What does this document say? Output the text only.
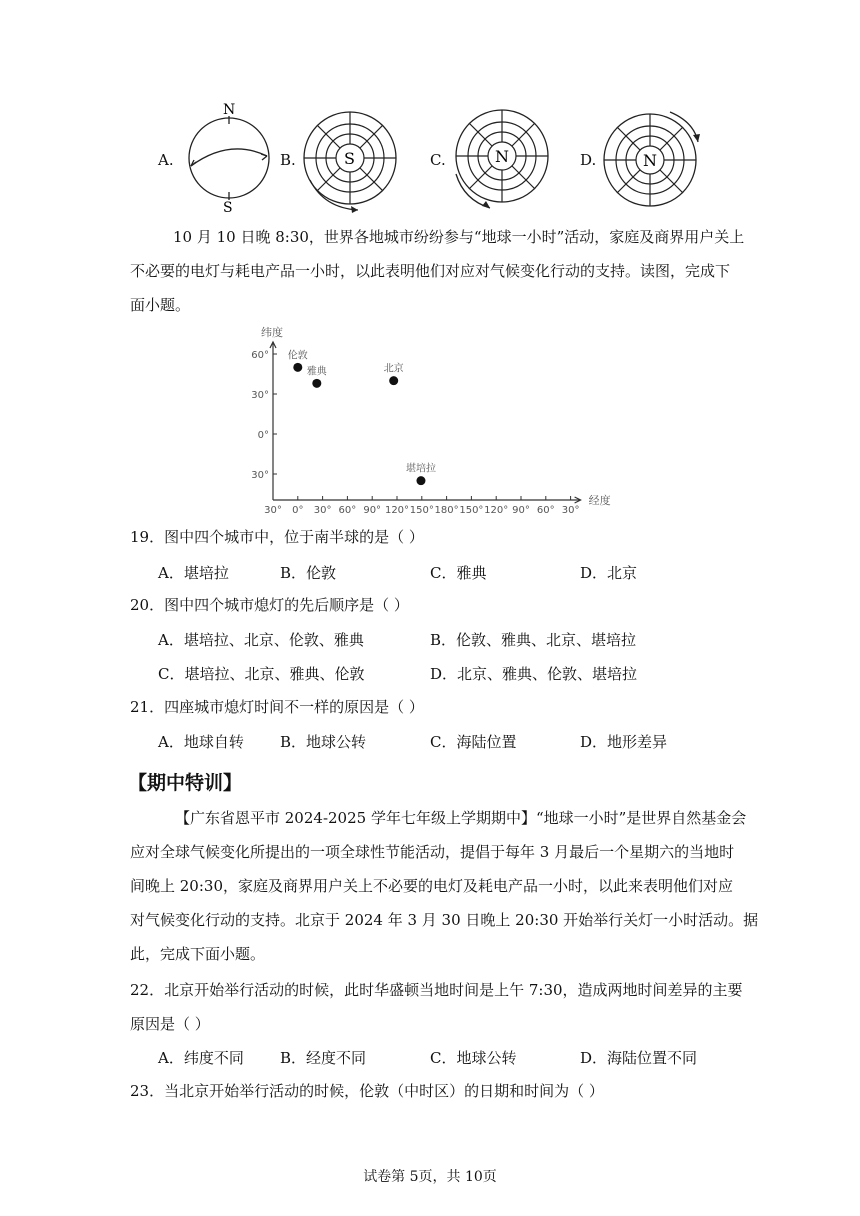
A.
N
S
B.	S	C.	N	D.	N
10 月 10 日晚 8:30，世界各地城市纷纷参与“地球一小时”活动，家庭及商界用户关上
不必要的电灯与耗电产品一小时，以此表明他们对应对气候变化行动的支持。读图，完成下
面小题。
纬度
经度
30° 0° 30° 60° 90° 120° 150° 180° 150° 120° 90° 60° 30°
60°
30°
0°
30°
伦敦
雅典	北京
堪培拉
19．图中四个城市中，位于南半球的是（ ）
A．堪培拉	B．伦敦	C．雅典	D．北京
20．图中四个城市熄灯的先后顺序是（ ）
A．堪培拉、北京、伦敦、雅典	B．伦敦、雅典、北京、堪培拉
C．堪培拉、北京、雅典、伦敦	D．北京、雅典、伦敦、堪培拉
21．四座城市熄灯时间不一样的原因是（ ）
A．地球自转 B．地球公转	C．海陆位置	D．地形差异
【期中特训】
【广东省恩平市 2024-2025 学年七年级上学期期中】“地球一小时”是世界自然基金会
应对全球气候变化所提出的一项全球性节能活动，提倡于每年 3 月最后一个星期六的当地时
间晚上 20:30，家庭及商界用户关上不必要的电灯及耗电产品一小时，以此来表明他们对应
对气候变化行动的支持。北京于 2024 年 3 月 30 日晚上 20:30 开始举行关灯一小时活动。据
此，完成下面小题。
22．北京开始举行活动的时候，此时华盛顿当地时间是上午 7:30，造成两地时间差异的主要
原因是（ ）
A．纬度不同 B．经度不同	C．地球公转	D．海陆位置不同
23．当北京开始举行活动的时候，伦敦（中时区）的日期和时间为（ ）
试卷第 5页，共 10页
